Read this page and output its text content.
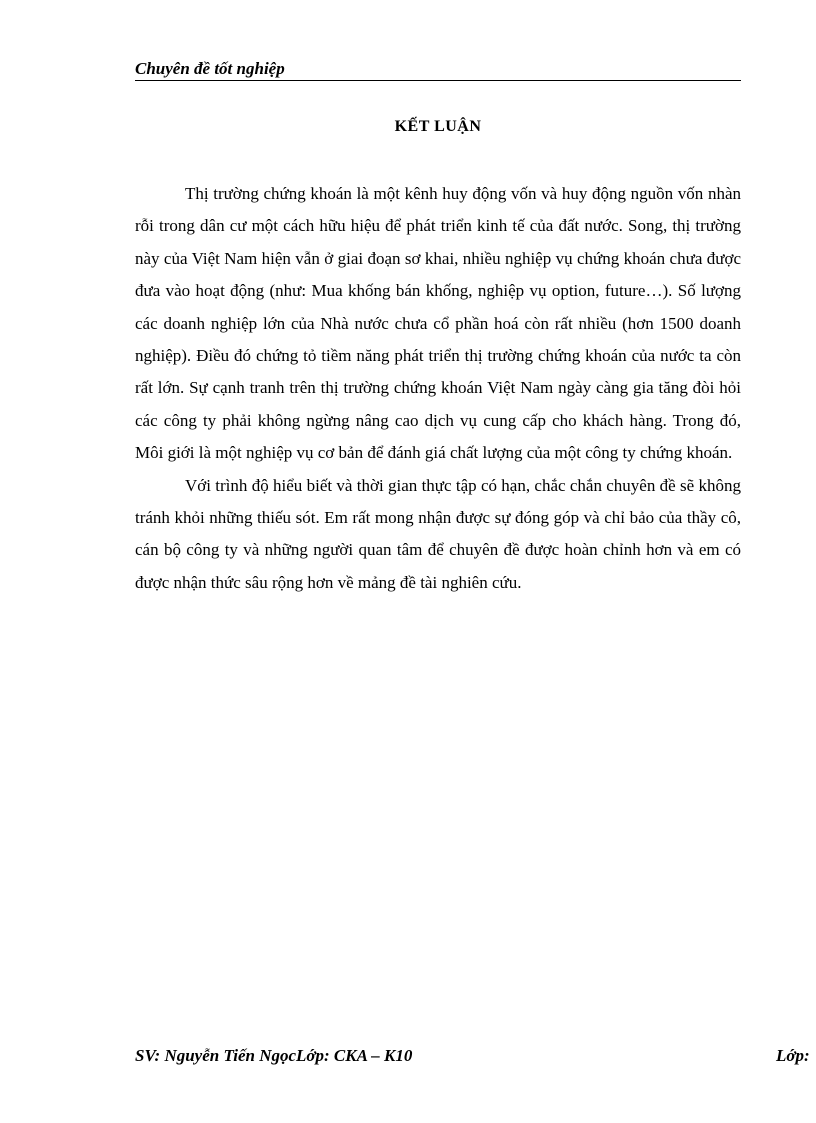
Chuyên đề tốt nghiệp
KẾT LUẬN

Thị trường chứng khoán là một kênh huy động vốn và huy động nguồn vốn nhàn rỗi trong dân cư một cách hữu hiệu để phát triển kinh tế của đất nước. Song, thị trường này của Việt Nam hiện vẫn ở giai đoạn sơ khai, nhiều nghiệp vụ chứng khoán chưa được đưa vào hoạt động (như: Mua khống bán khống, nghiệp vụ option, future…). Số lượng các doanh nghiệp lớn của Nhà nước chưa cổ phần hoá còn rất nhiều (hơn 1500 doanh nghiệp). Điều đó chứng tỏ tiềm năng phát triển thị trường chứng khoán của nước ta còn rất lớn. Sự cạnh tranh trên thị trường chứng khoán Việt Nam ngày càng gia tăng đòi hỏi các công ty phải không ngừng nâng cao dịch vụ cung cấp cho khách hàng. Trong đó, Môi giới là một nghiệp vụ cơ bản để đánh giá chất lượng của một công ty chứng khoán.

Với trình độ hiểu biết và thời gian thực tập có hạn, chắc chắn chuyên đề sẽ không tránh khỏi những thiếu sót. Em rất mong nhận được sự đóng góp và chỉ bảo của thầy cô, cán bộ công ty và những người quan tâm để chuyên đề được hoàn chỉnh hơn và em có được nhận thức sâu rộng hơn về mảng đề tài nghiên cứu.

SV: Nguyễn Tiến NgọcLớp: CKA – K10	Lớp:
